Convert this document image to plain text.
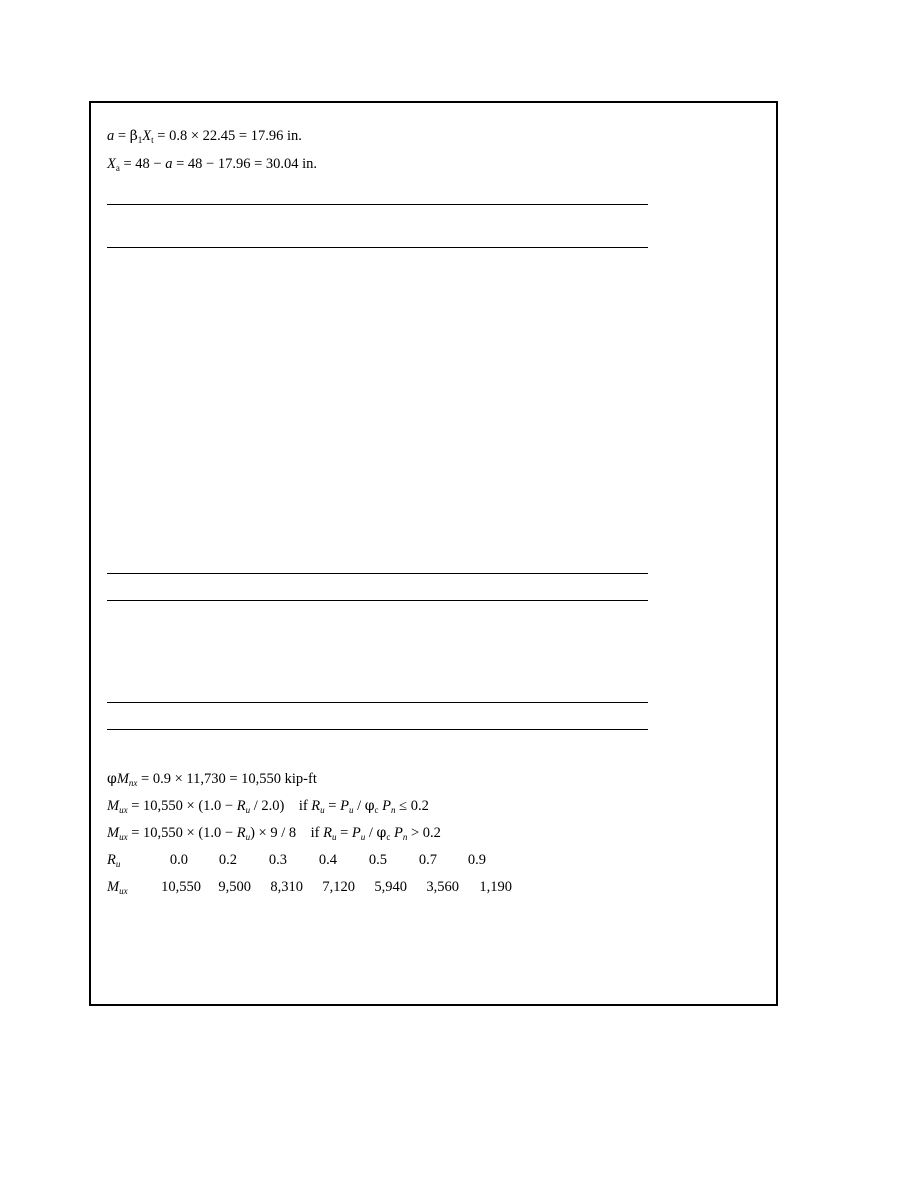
$a = \beta_1X_t = 0.8 \times 22.45 = 17.96$ in.
$X_a = 48 - a = 48 - 17.96 = 30.04$ in.
$\varphi M_{nx} = 0.9 \times 11,730 = 10,550$ kip-ft
$M_{ux} = 10,550 \times (1.0 - R_u / 2.0)$ if $R_u = P_u / \varphi_c$ $P_n \le 0.2$
$M_{ux} = 10,550 \times (1.0 - R_u) \times 9 / 8$ if $R_u = P_u / \varphi_c$ $P_n > 0.2$
$R_u$	0.0 0.2 0.3 0.4 0.5 0.7 0.9
$M_{ux}$ 10,550 9,500 8,310 7,120 5,940 3,560 1,190
